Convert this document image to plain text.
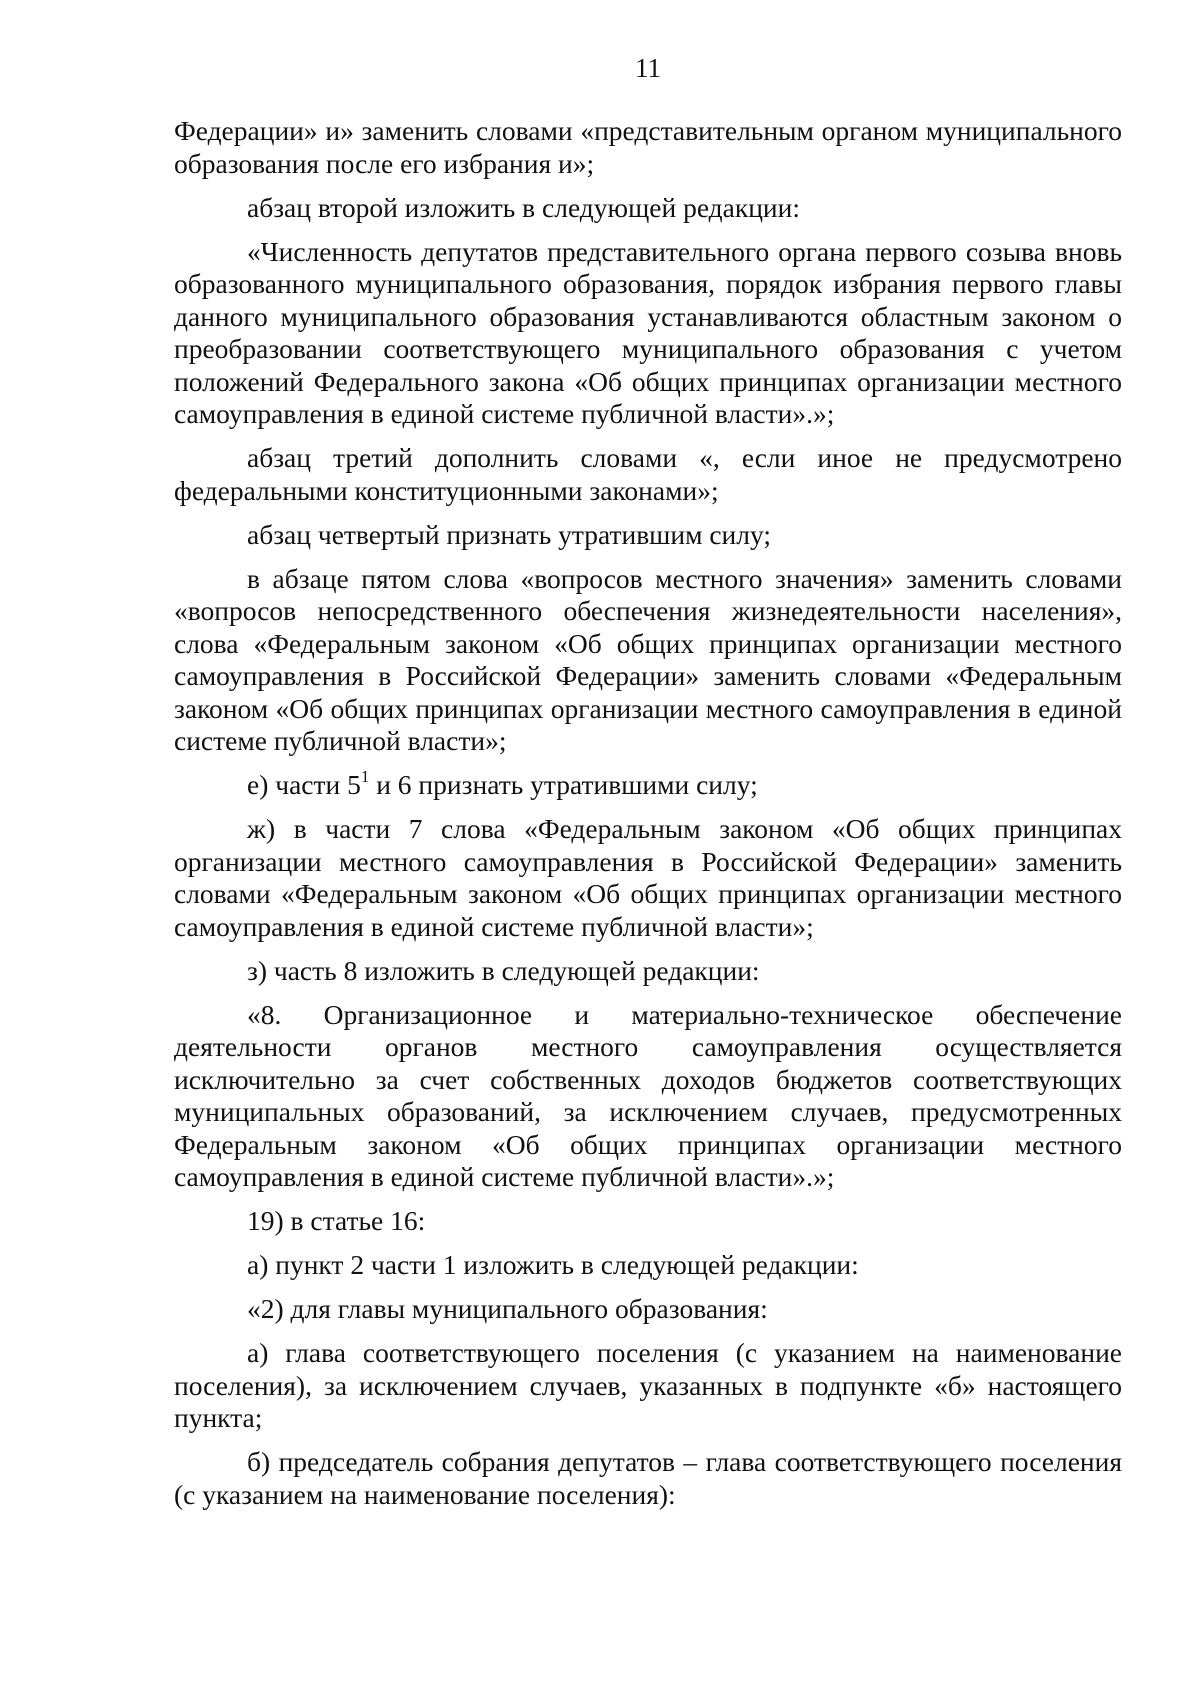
11

Федерации» и» заменить словами «представительным органом муниципального образования после его избрания и»;

абзац второй изложить в следующей редакции:

«Численность депутатов представительного органа первого созыва вновь образованного муниципального образования, порядок избрания первого главы данного муниципального образования устанавливаются областным законом о преобразовании соответствующего муниципального образования с учетом положений Федерального закона «Об общих принципах организации местного самоуправления в единой системе публичной власти».»;

абзац третий дополнить словами «, если иное не предусмотрено федеральными конституционными законами»;

абзац четвертый признать утратившим силу;

в абзаце пятом слова «вопросов местного значения» заменить словами «вопросов непосредственного обеспечения жизнедеятельности населения», слова «Федеральным законом «Об общих принципах организации местного самоуправления в Российской Федерации» заменить словами «Федеральным законом «Об общих принципах организации местного самоуправления в единой системе публичной власти»;

е) части $5^1$ и 6 признать утратившими силу;

ж) в части 7 слова «Федеральным законом «Об общих принципах организации местного самоуправления в Российской Федерации» заменить словами «Федеральным законом «Об общих принципах организации местного самоуправления в единой системе публичной власти»;

з) часть 8 изложить в следующей редакции:

«8. Организационное и материально-техническое обеспечение деятельности органов местного самоуправления осуществляется исключительно за счет собственных доходов бюджетов соответствующих муниципальных образований, за исключением случаев, предусмотренных Федеральным законом «Об общих принципах организации местного самоуправления в единой системе публичной власти».»;

19) в статье 16:

а) пункт 2 части 1 изложить в следующей редакции:

«2) для главы муниципального образования:

а) глава соответствующего поселения (с указанием на наименование поселения), за исключением случаев, указанных в подпункте «б» настоящего пункта;

б) председатель собрания депутатов – глава соответствующего поселения (с указанием на наименование поселения):
